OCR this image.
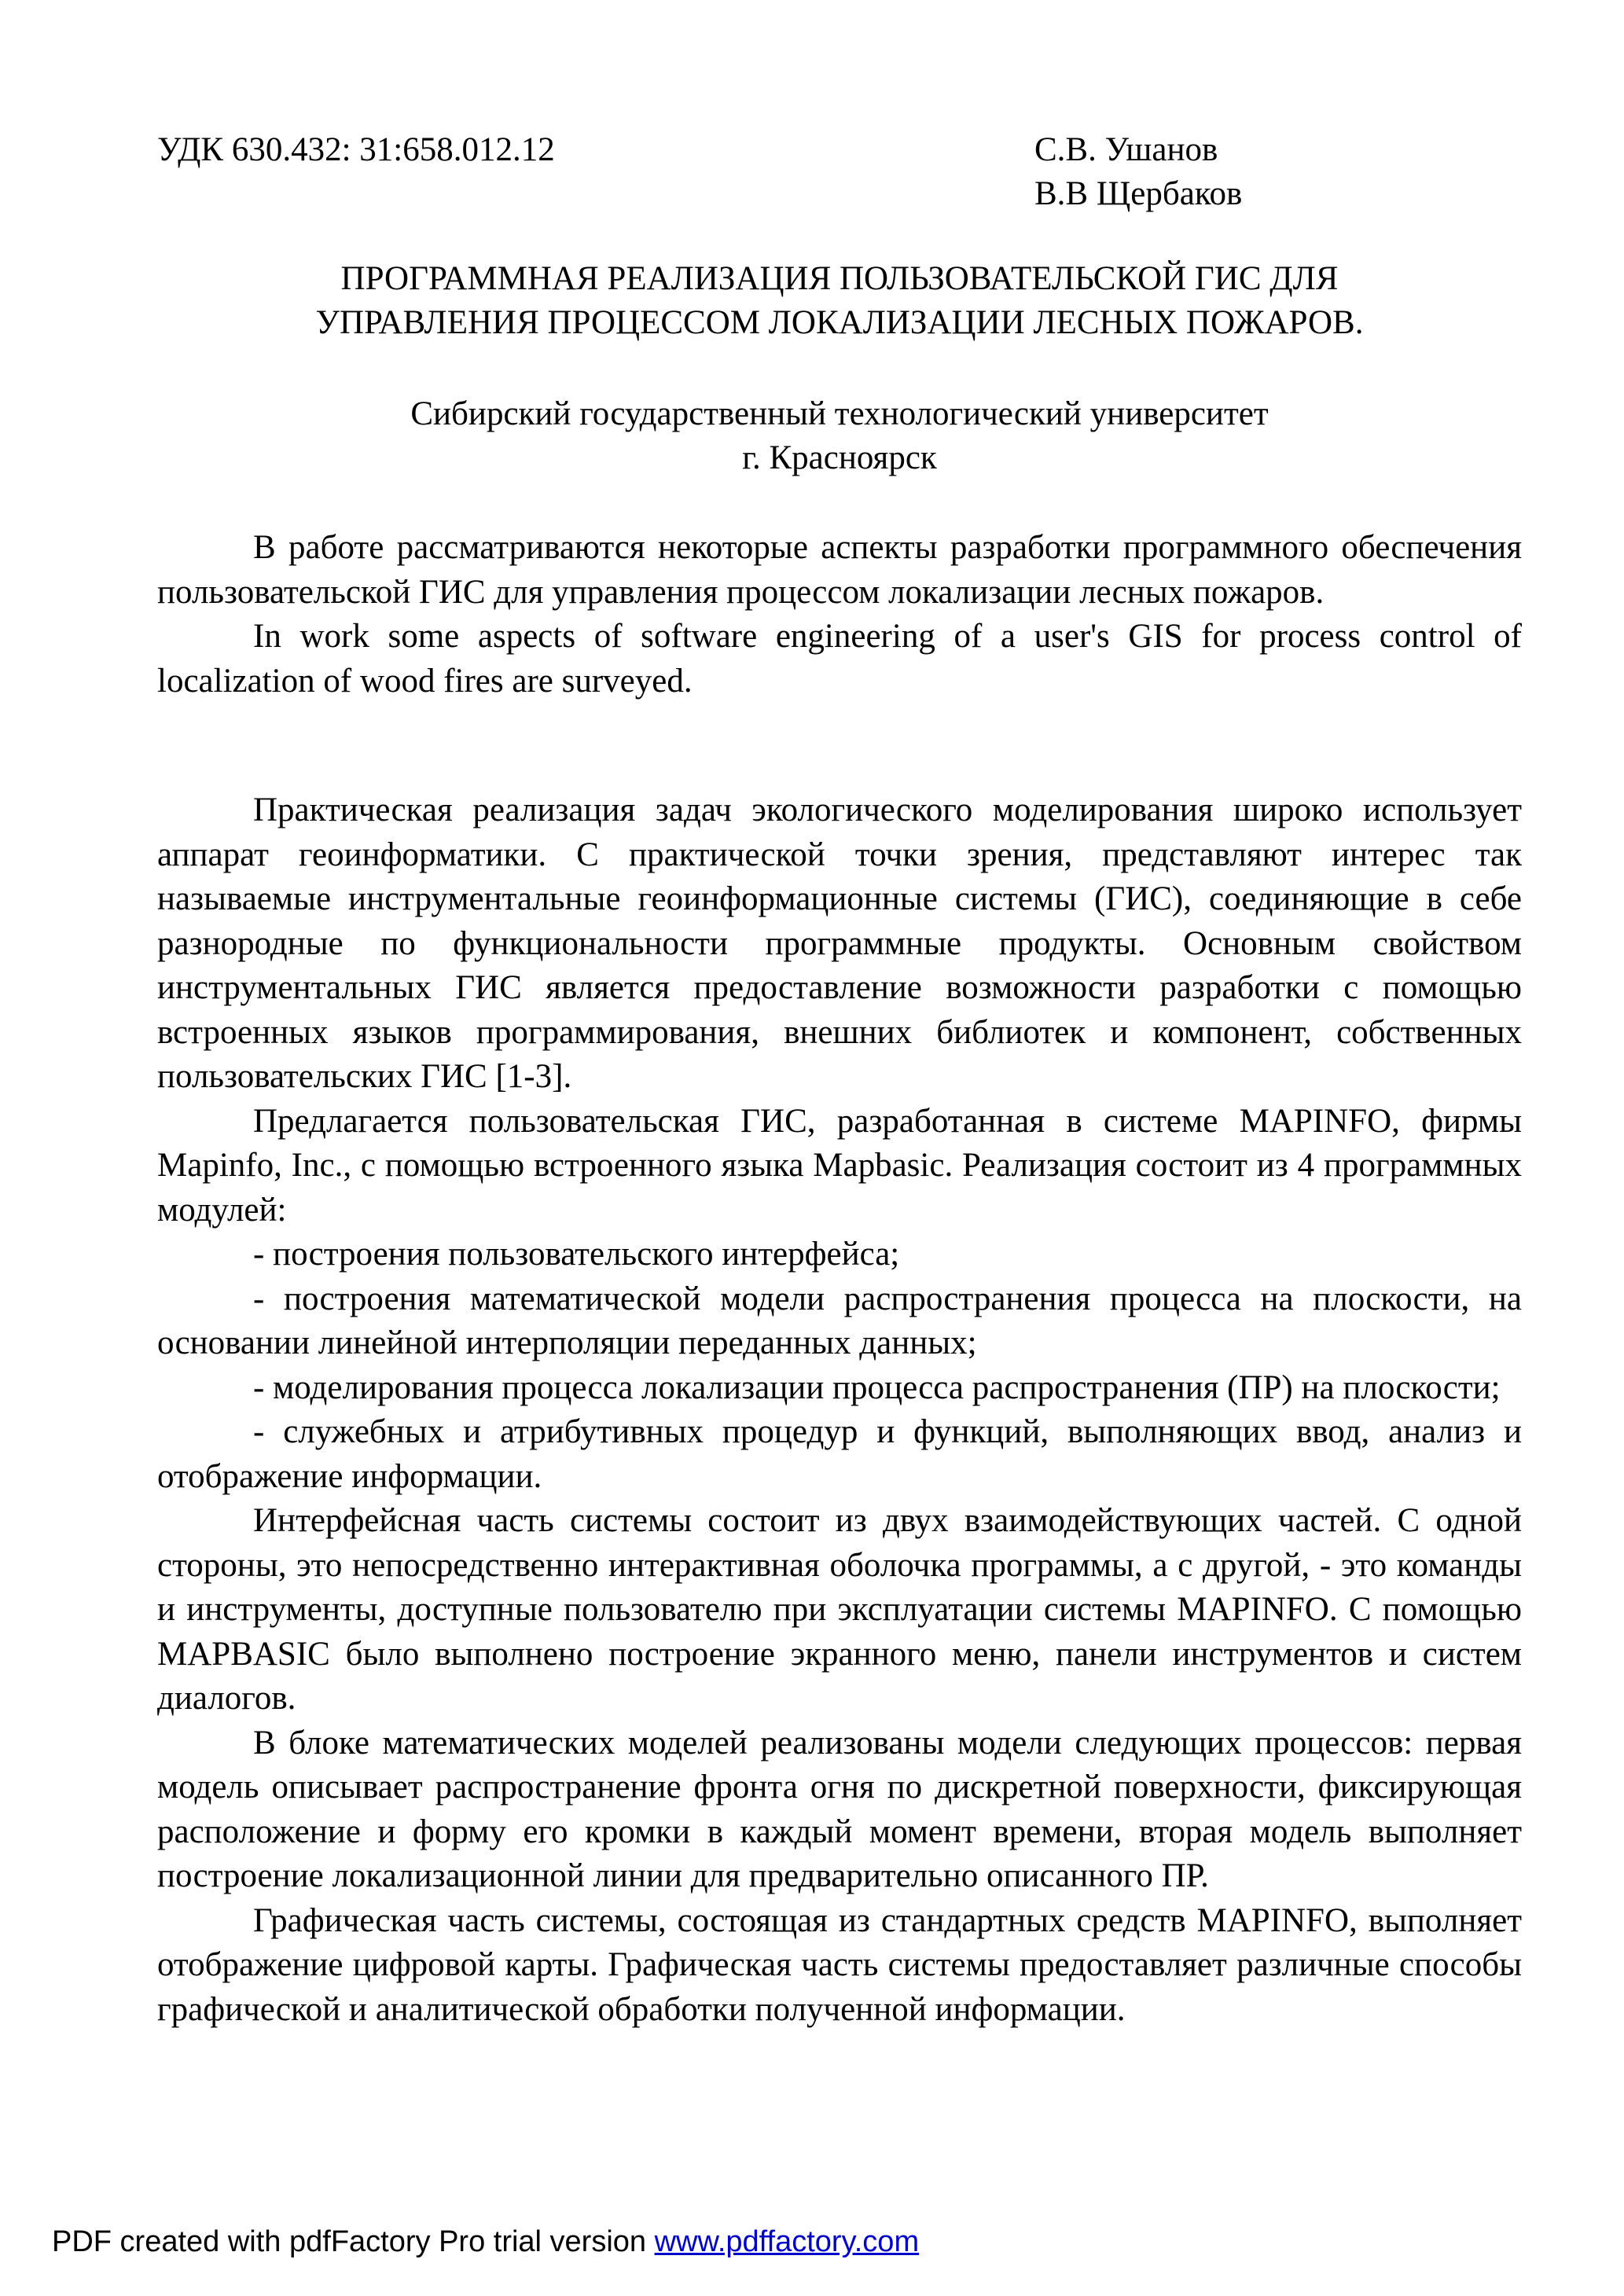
УДК 630.432: 31:658.012.12	С.В. Ушанов
В.В Щербаков
ПРОГРАММНАЯ РЕАЛИЗАЦИЯ ПОЛЬЗОВАТЕЛЬСКОЙ ГИС ДЛЯ
УПРАВЛЕНИЯ ПРОЦЕССОМ ЛОКАЛИЗАЦИИ ЛЕСНЫХ ПОЖАРОВ.
Сибирский государственный технологический университет
г. Красноярск

В работе рассматриваются некоторые аспекты разработки программного обеспечения пользовательской ГИС для управления процессом локализации лесных пожаров.

In work some aspects of software engineering of a user's GIS for process control of localization of wood fires are surveyed.

Практическая реализация задач экологического моделирования широко использует аппарат геоинформатики. С практической точки зрения, представляют интерес так называемые инструментальные геоинформационные системы (ГИС), соединяющие в себе разнородные по функциональности программные продукты. Основным свойством инструментальных ГИС является предоставление возможности разработки с помощью встроенных языков программирования, внешних библиотек и компонент, собственных пользовательских ГИС [1-3].

Предлагается пользовательская ГИС, разработанная в системе MAPINFO, фирмы Mapinfo, Inc., с помощью встроенного языка Mapbasic. Реализация состоит из 4 программных модулей:

- построения пользовательского интерфейса;

- построения математической модели распространения процесса на плоскости, на основании линейной интерполяции переданных данных;

- моделирования процесса локализации процесса распространения (ПР) на плоскости;

- служебных и атрибутивных процедур и функций, выполняющих ввод, анализ и отображение информации.

Интерфейсная часть системы состоит из двух взаимодействующих частей. С одной стороны, это непосредственно интерактивная оболочка программы, а с другой, - это команды и инструменты, доступные пользователю при эксплуатации системы MAPINFO. С помощью MAPBASIC было выполнено построение экранного меню, панели инструментов и систем диалогов.

В блоке математических моделей реализованы модели следующих процессов: первая модель описывает распространение фронта огня по дискретной поверхности, фиксирующая расположение и форму его кромки в каждый момент времени, вторая модель выполняет построение локализационной линии для предварительно описанного ПР.

Графическая часть системы, состоящая из стандартных средств MAPINFO, выполняет отображение цифровой карты. Графическая часть системы предоставляет различные способы графической и аналитической обработки полученной информации.

PDF created with pdfFactory Pro trial version www.pdffactory.com
